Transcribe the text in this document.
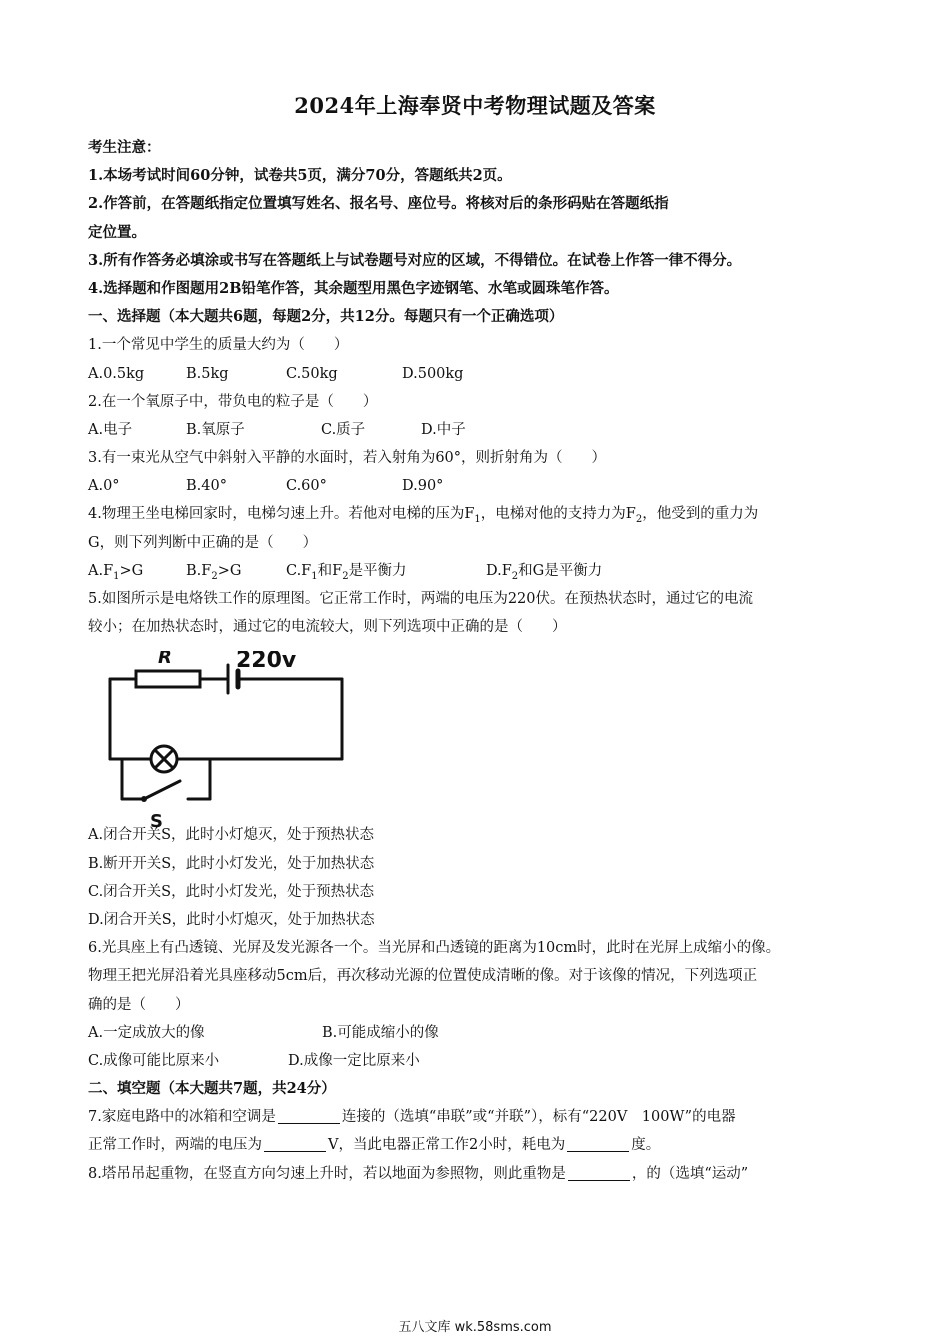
2024年上海奉贤中考物理试题及答案
考生注意：
1.本场考试时间60分钟，试卷共5页，满分70分，答题纸共2页。
2.作答前，在答题纸指定位置填写姓名、报名号、座位号。将核对后的条形码贴在答题纸指
定位置。
3.所有作答务必填涂或书写在答题纸上与试卷题号对应的区域，不得错位。在试卷上作答一律不得分。
4.选择题和作图题用2B铅笔作答，其余题型用黑色字迹钢笔、水笔或圆珠笔作答。
一、选择题（本大题共6题，每题2分，共12分。每题只有一个正确选项）
1.一个常见中学生的质量大约为（　　）
A.0.5kg	B.5kg	C.50kg	D.500kg
2.在一个氧原子中，带负电的粒子是（　　）
A.电子	B.氧原子	C.质子	D.中子
3.有一束光从空气中斜射入平静的水面时，若入射角为60°，则折射角为（　　）
A.0°	B.40°	C.60°	D.90°
4.物理王坐电梯回家时，电梯匀速上升。若他对电梯的压为$F_1$，电梯对他的支持力为$F_2$，他受到的重力为
G，则下列判断中正确的是（　　）
$A.F_1>G$	$B.F_2>G$	$C.F_1$和$F_2$是平衡力	$D.F_2$和G是平衡力
5.如图所示是电烙铁工作的原理图。它正常工作时，两端的电压为220伏。在预热状态时，通过它的电流
较小；在加热状态时，通过它的电流较大，则下列选项中正确的是（　　）
R	220v
S
A.闭合开关S，此时小灯熄灭，处于预热状态
B.断开开关S，此时小灯发光，处于加热状态
C.闭合开关S，此时小灯发光，处于预热状态
D.闭合开关S，此时小灯熄灭，处于加热状态
6.光具座上有凸透镜、光屏及发光源各一个。当光屏和凸透镜的距离为10cm时，此时在光屏上成缩小的像。
物理王把光屏沿着光具座移动5cm后，再次移动光源的位置使成清晰的像。对于该像的情况，下列选项正
确的是（　　）
A.一定成放大的像	B.可能成缩小的像
C.成像可能比原来小	D.成像一定比原来小
二、填空题（本大题共7题，共24分）
7.家庭电路中的冰箱和空调是	连接的（选填“串联”或“并联”），标有“220V　100W”的电器
正常工作时，两端的电压为	V，当此电器正常工作2小时，耗电为	度。
8.塔吊吊起重物，在竖直方向匀速上升时，若以地面为参照物，则此重物是	，的（选填“运动”
五八文库 wk.58sms.com
